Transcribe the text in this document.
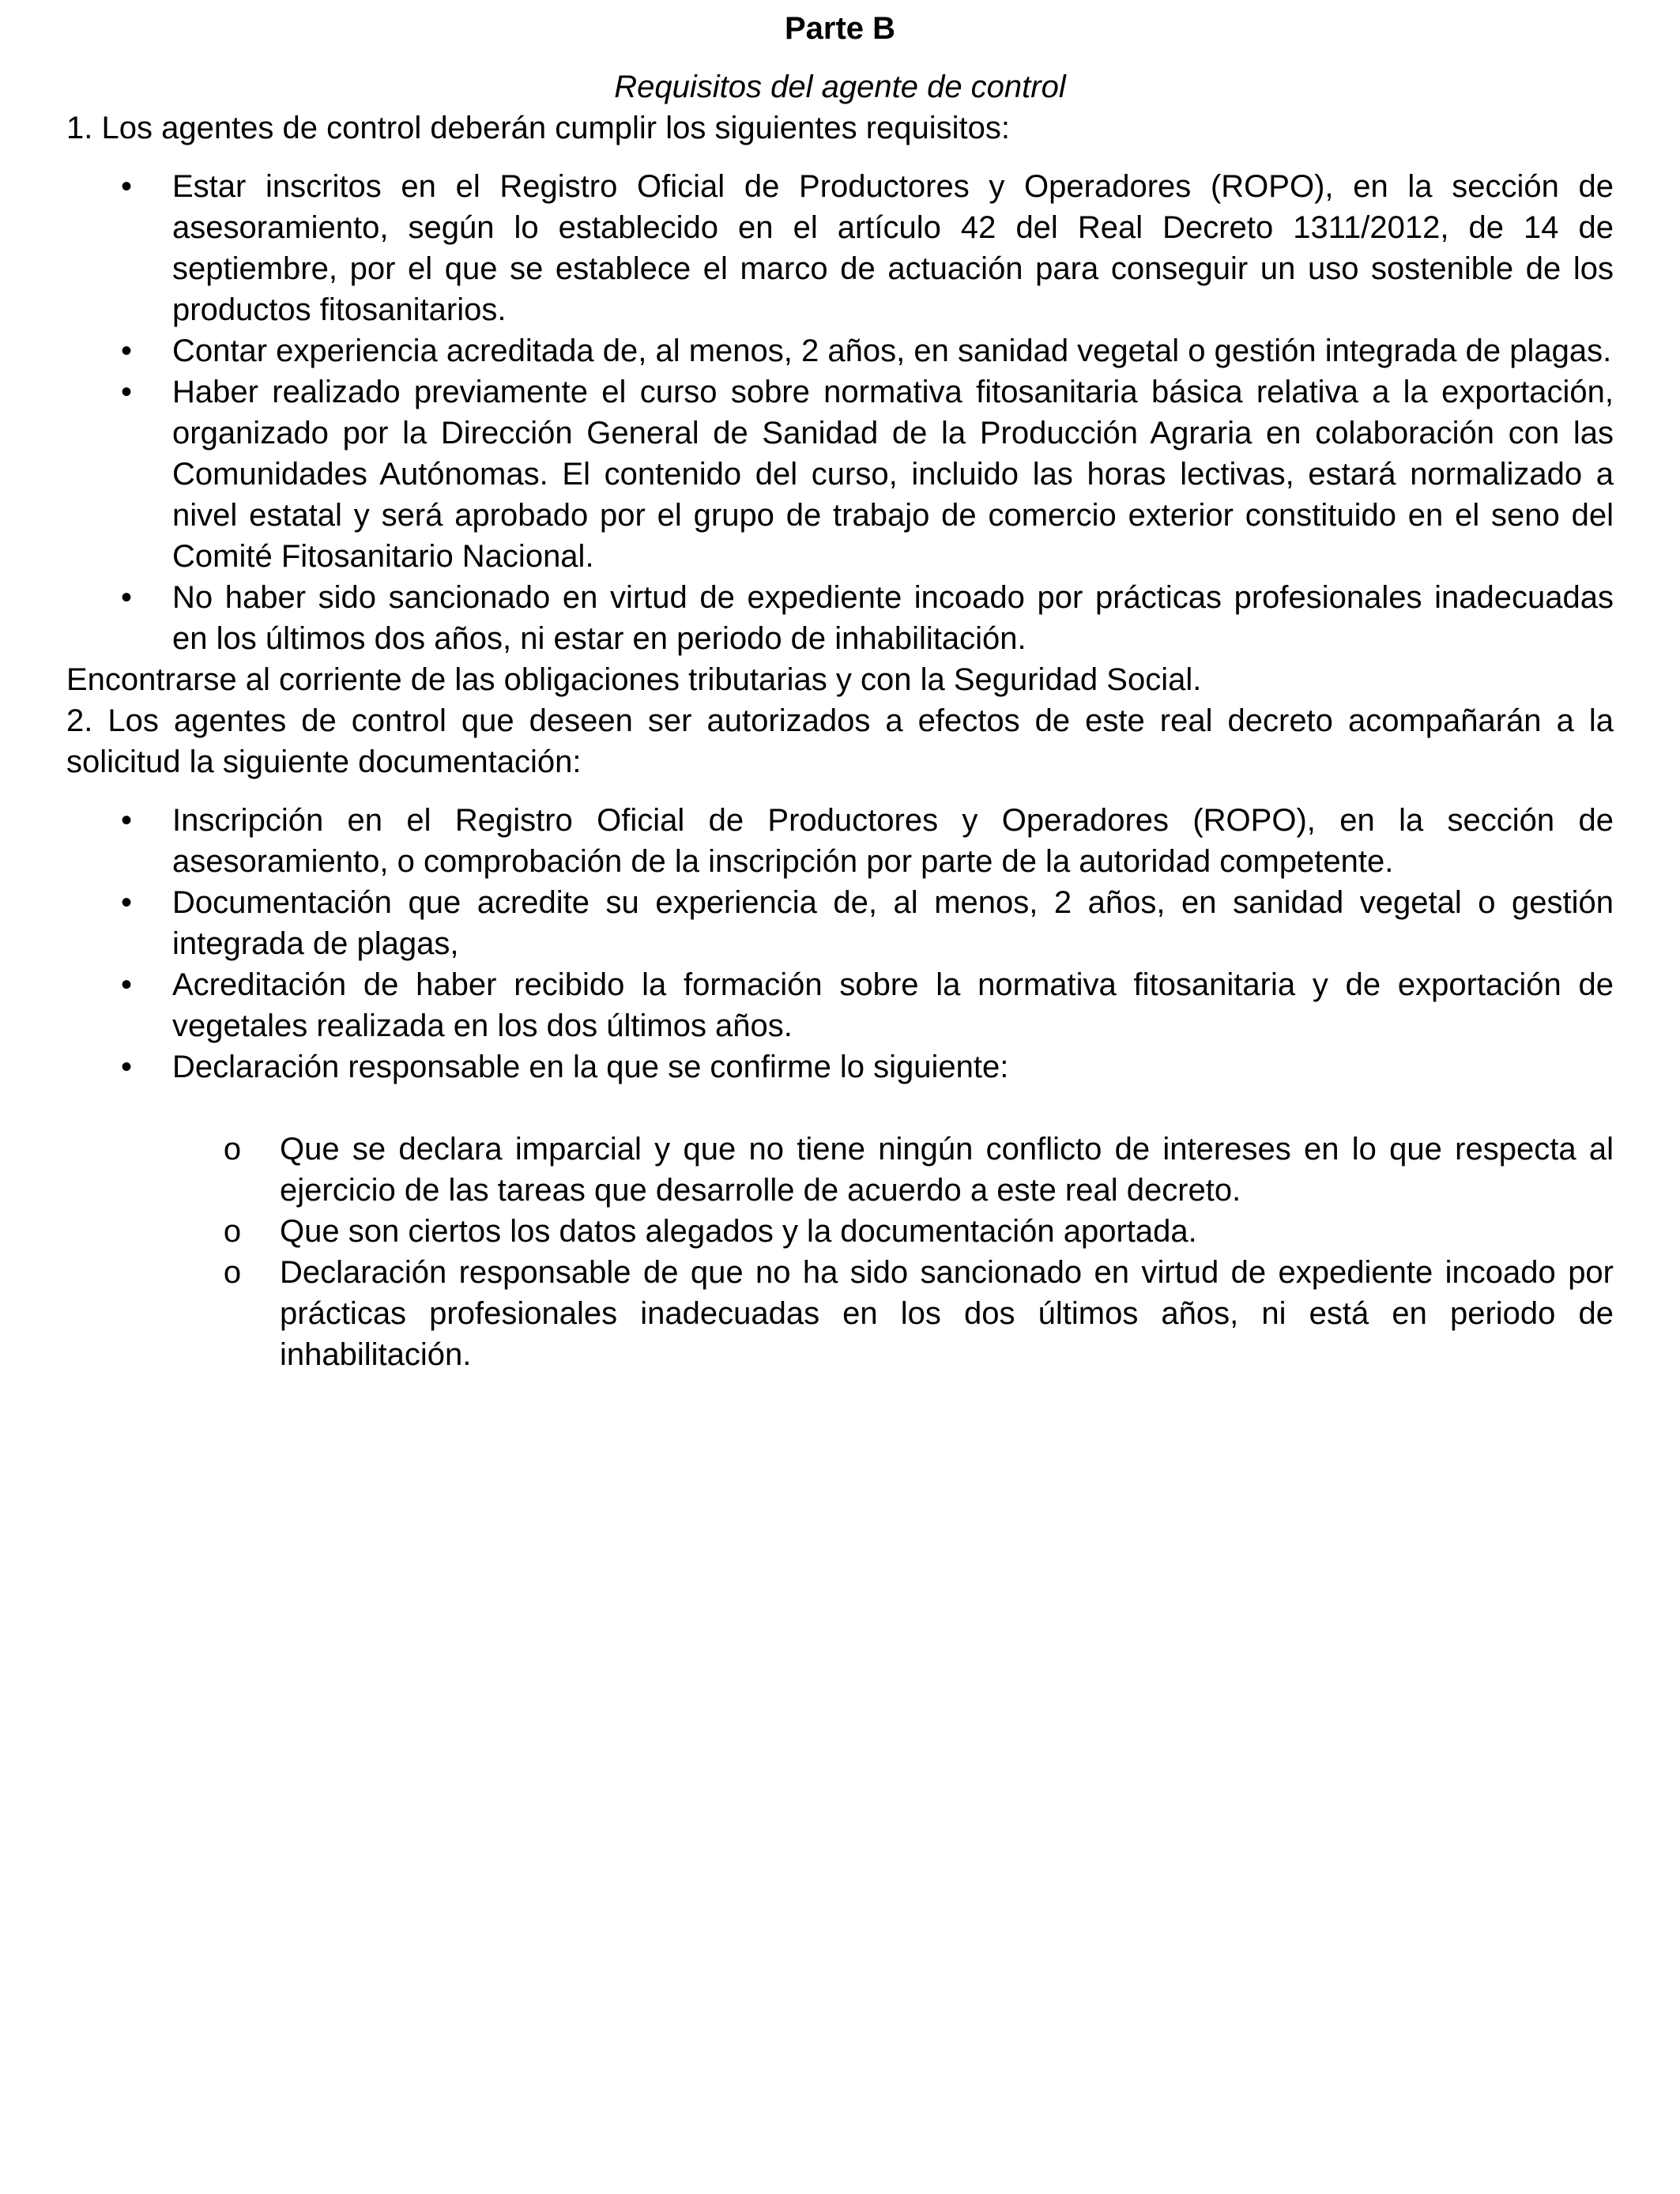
Parte B
Requisitos del agente de control

1. Los agentes de control deberán cumplir los siguientes requisitos:

• Estar inscritos en el Registro Oficial de Productores y Operadores (ROPO), en la sección de asesoramiento, según lo establecido en el artículo 42 del Real Decreto 1311/2012, de 14 de septiembre, por el que se establece el marco de actuación para conseguir un uso sostenible de los productos fitosanitarios.
• Contar experiencia acreditada de, al menos, 2 años, en sanidad vegetal o gestión integrada de plagas.
• Haber realizado previamente el curso sobre normativa fitosanitaria básica relativa a la exportación, organizado por la Dirección General de Sanidad de la Producción Agraria en colaboración con las Comunidades Autónomas. El contenido del curso, incluido las horas lectivas, estará normalizado a nivel estatal y será aprobado por el grupo de trabajo de comercio exterior constituido en el seno del Comité Fitosanitario Nacional.
• No haber sido sancionado en virtud de expediente incoado por prácticas profesionales inadecuadas en los últimos dos años, ni estar en periodo de inhabilitación.

Encontrarse al corriente de las obligaciones tributarias y con la Seguridad Social.

2. Los agentes de control que deseen ser autorizados a efectos de este real decreto acompañarán a la solicitud la siguiente documentación:

• Inscripción en el Registro Oficial de Productores y Operadores (ROPO), en la sección de asesoramiento, o comprobación de la inscripción por parte de la autoridad competente.
• Documentación que acredite su experiencia de, al menos, 2 años, en sanidad vegetal o gestión integrada de plagas,
• Acreditación de haber recibido la formación sobre la normativa fitosanitaria y de exportación de vegetales realizada en los dos últimos años.
• Declaración responsable en la que se confirme lo siguiente:
o Que se declara imparcial y que no tiene ningún conflicto de intereses en lo que respecta al ejercicio de las tareas que desarrolle de acuerdo a este real decreto.
o Que son ciertos los datos alegados y la documentación aportada.
o Declaración responsable de que no ha sido sancionado en virtud de expediente incoado por prácticas profesionales inadecuadas en los dos últimos años, ni está en periodo de inhabilitación.
